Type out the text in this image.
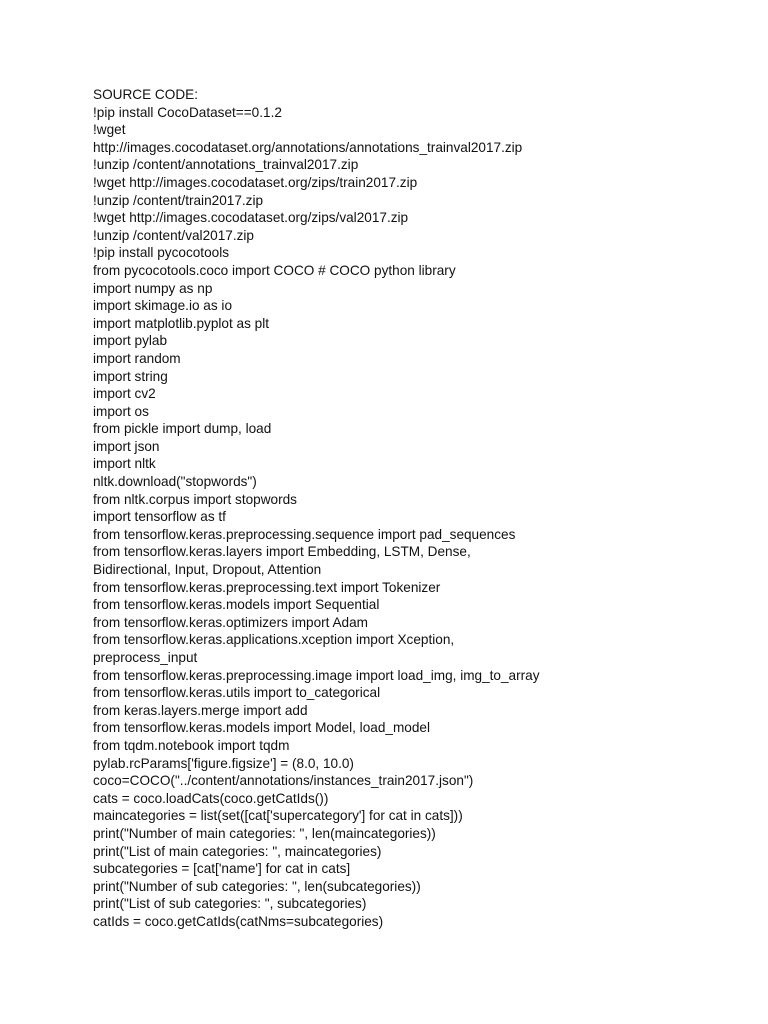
SOURCE CODE:
!pip install CocoDataset==0.1.2
!wget
http://images.cocodataset.org/annotations/annotations_trainval2017.zip
!unzip /content/annotations_trainval2017.zip
!wget http://images.cocodataset.org/zips/train2017.zip
!unzip /content/train2017.zip
!wget http://images.cocodataset.org/zips/val2017.zip
!unzip /content/val2017.zip
!pip install pycocotools
from pycocotools.coco import COCO # COCO python library
import numpy as np
import skimage.io as io
import matplotlib.pyplot as plt
import pylab
import random
import string
import cv2
import os
from pickle import dump, load
import json
import nltk
nltk.download("stopwords")
from nltk.corpus import stopwords
import tensorflow as tf
from tensorflow.keras.preprocessing.sequence import pad_sequences
from tensorflow.keras.layers import Embedding, LSTM, Dense,
Bidirectional, Input, Dropout, Attention
from tensorflow.keras.preprocessing.text import Tokenizer
from tensorflow.keras.models import Sequential
from tensorflow.keras.optimizers import Adam
from tensorflow.keras.applications.xception import Xception,
preprocess_input
from tensorflow.keras.preprocessing.image import load_img, img_to_array
from tensorflow.keras.utils import to_categorical
from keras.layers.merge import add
from tensorflow.keras.models import Model, load_model
from tqdm.notebook import tqdm
pylab.rcParams['figure.figsize'] = (8.0, 10.0)
coco=COCO("../content/annotations/instances_train2017.json")
cats = coco.loadCats(coco.getCatIds())
maincategories = list(set([cat['supercategory'] for cat in cats]))
print("Number of main categories: ", len(maincategories))
print("List of main categories: ", maincategories)
subcategories = [cat['name'] for cat in cats]
print("Number of sub categories: ", len(subcategories))
print("List of sub categories: ", subcategories)
catIds = coco.getCatIds(catNms=subcategories)
